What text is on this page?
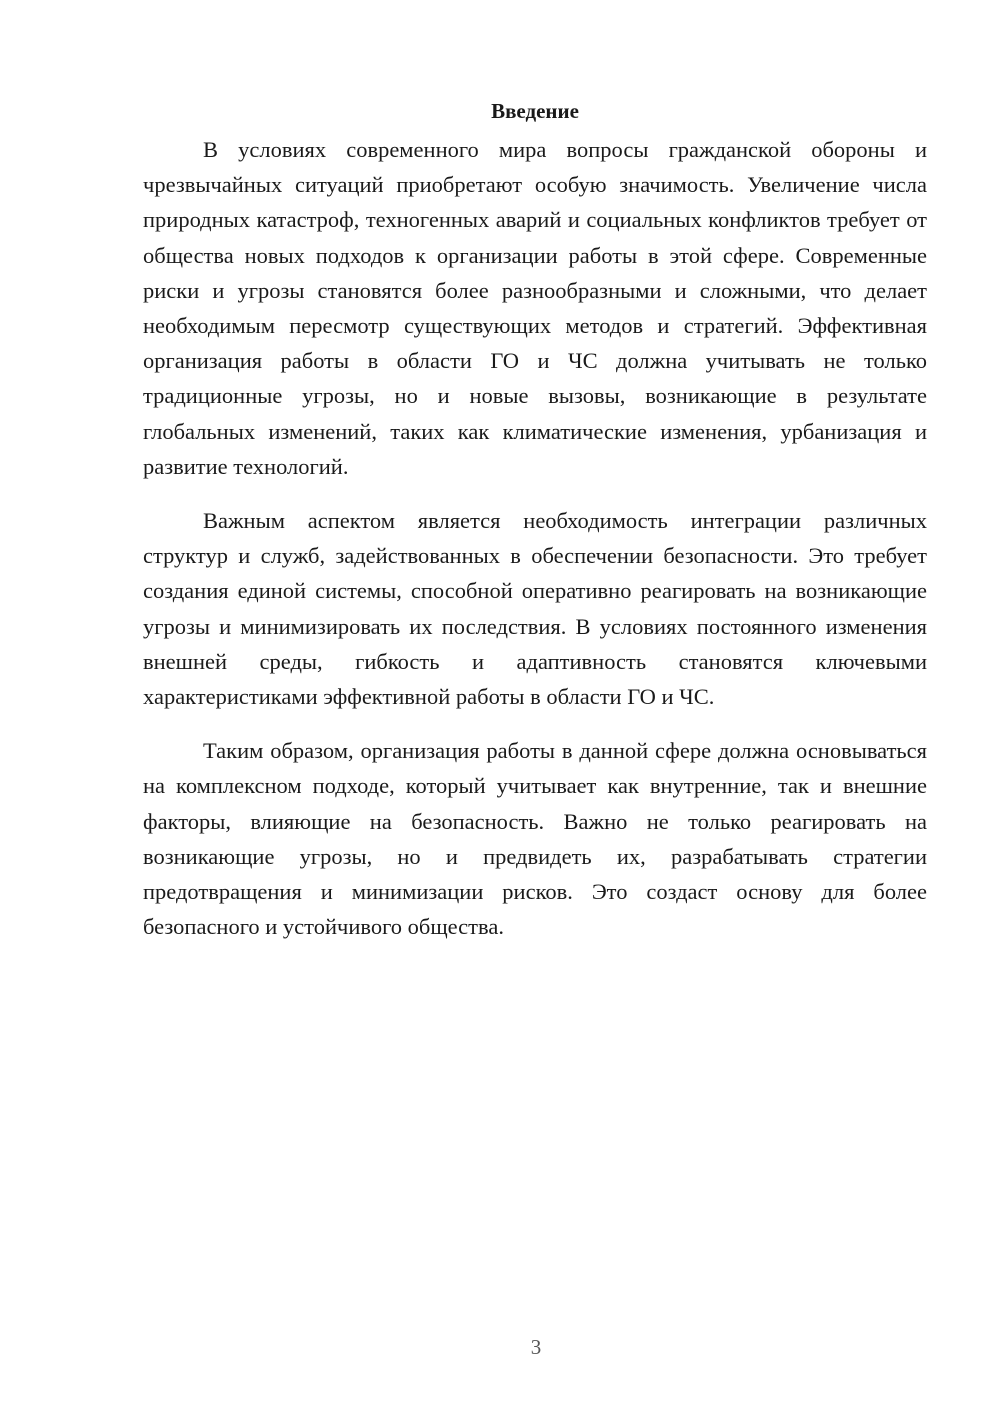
Введение

В условиях современного мира вопросы гражданской обороны и чрезвычайных ситуаций приобретают особую значимость. Увеличение числа природных катастроф, техногенных аварий и социальных конфликтов требует от общества новых подходов к организации работы в этой сфере. Современные риски и угрозы становятся более разнообразными и сложными, что делает необходимым пересмотр существующих методов и стратегий. Эффективная организация работы в области ГО и ЧС должна учитывать не только традиционные угрозы, но и новые вызовы, возникающие в результате глобальных изменений, таких как климатические изменения, урбанизация и развитие технологий.

Важным аспектом является необходимость интеграции различных структур и служб, задействованных в обеспечении безопасности. Это требует создания единой системы, способной оперативно реагировать на возникающие угрозы и минимизировать их последствия. В условиях постоянного изменения внешней среды, гибкость и адаптивность становятся ключевыми характеристиками эффективной работы в области ГО и ЧС.

Таким образом, организация работы в данной сфере должна основываться на комплексном подходе, который учитывает как внутренние, так и внешние факторы, влияющие на безопасность. Важно не только реагировать на возникающие угрозы, но и предвидеть их, разрабатывать стратегии предотвращения и минимизации рисков. Это создаст основу для более безопасного и устойчивого общества.

3
